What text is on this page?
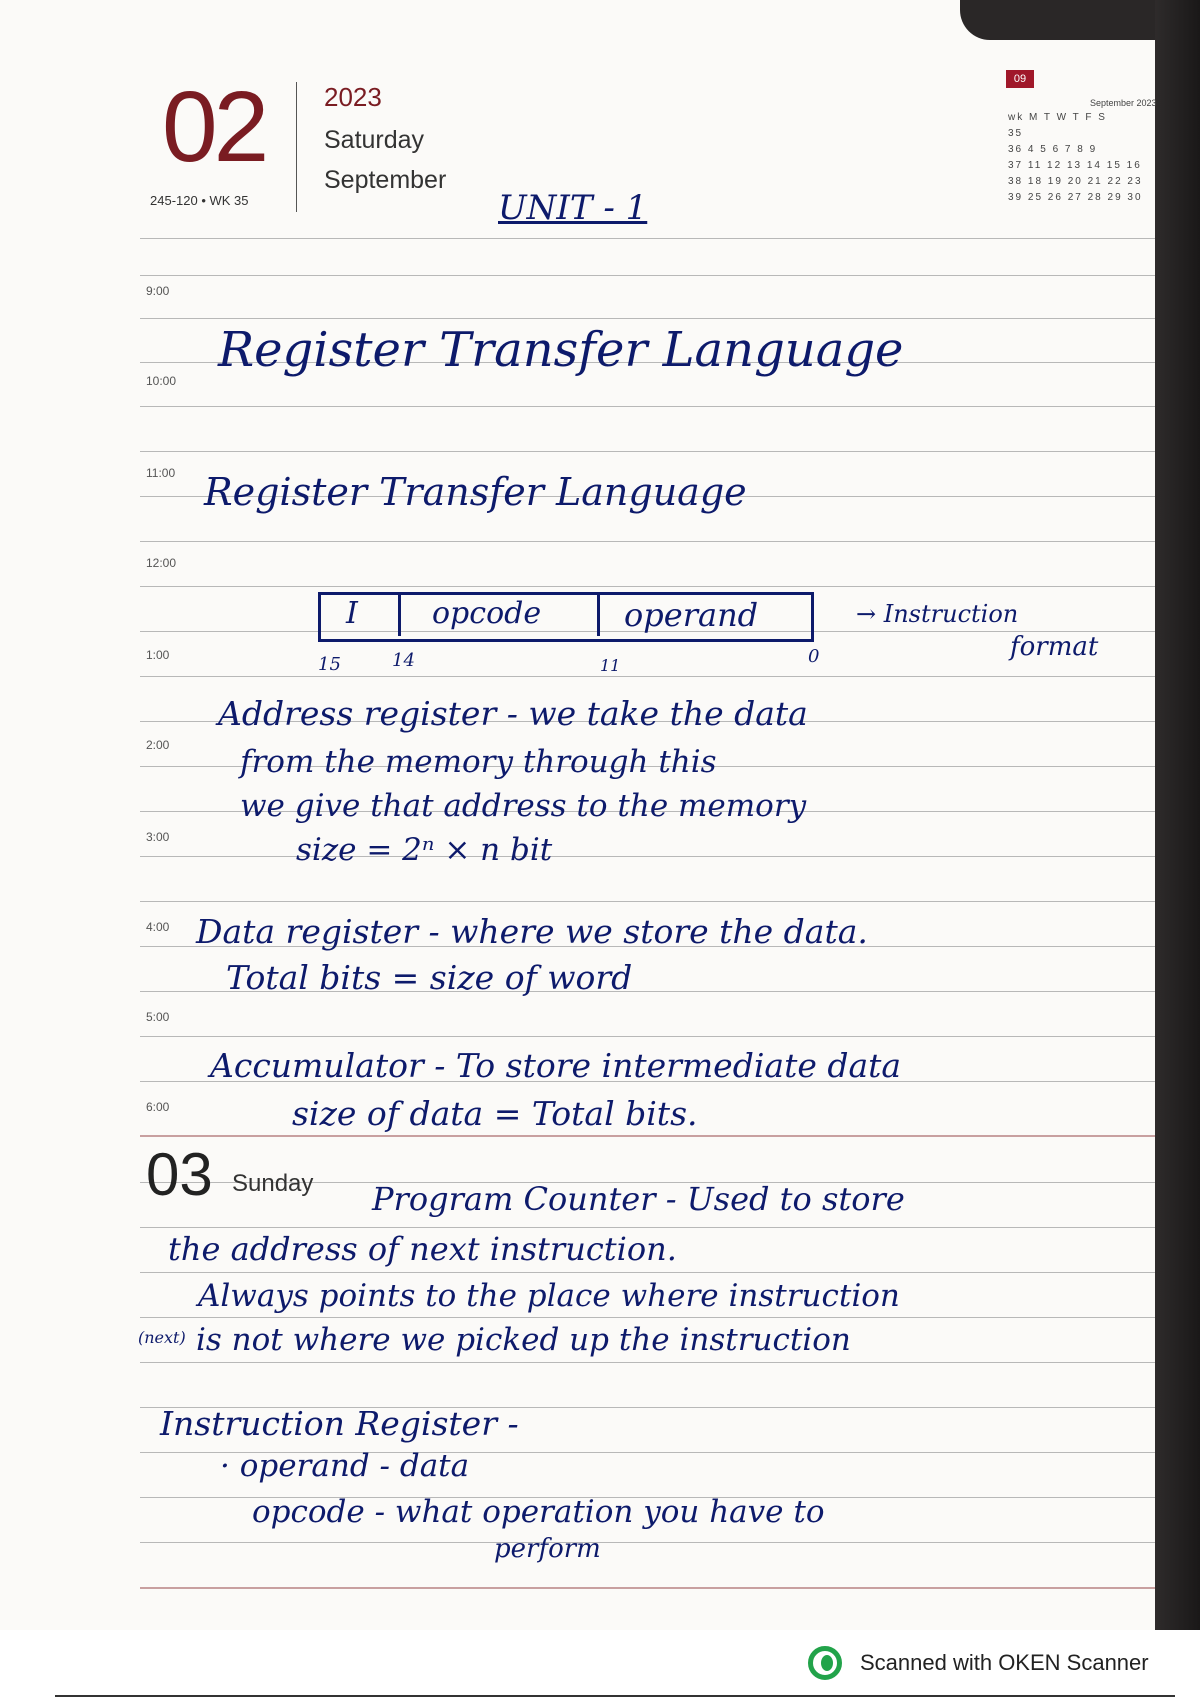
02
245-120 • WK 35
2023
Saturday
September
09
September 2023
wk M T W T F S
35
36 4 5 6 7 8 9
37 11 12 13 14 15 16
38 18 19 20 21 22 23
39 25 26 27 28 29 30
9:00
10:00
11:00
12:00
1:00
2:00
3:00
4:00
5:00
6:00
03 Sunday
UNIT - 1
Register Transfer Language
Register Transfer Language
I opcode	operand	→ Instruction
format
15	14	11	0
Address register - we take the data
from the memory through this
we give that address to the memory
size = 2ⁿ × n bit
Data register - where we store the data.
Total bits = size of word
Accumulator - To store intermediate data
size of data = Total bits.
Program Counter - Used to store
the address of next instruction.
Always points to the place where instruction
(next) is not where we picked up the instruction
Instruction Register -
· operand - data
opcode - what operation you have to
perform
Scanned with OKEN Scanner
